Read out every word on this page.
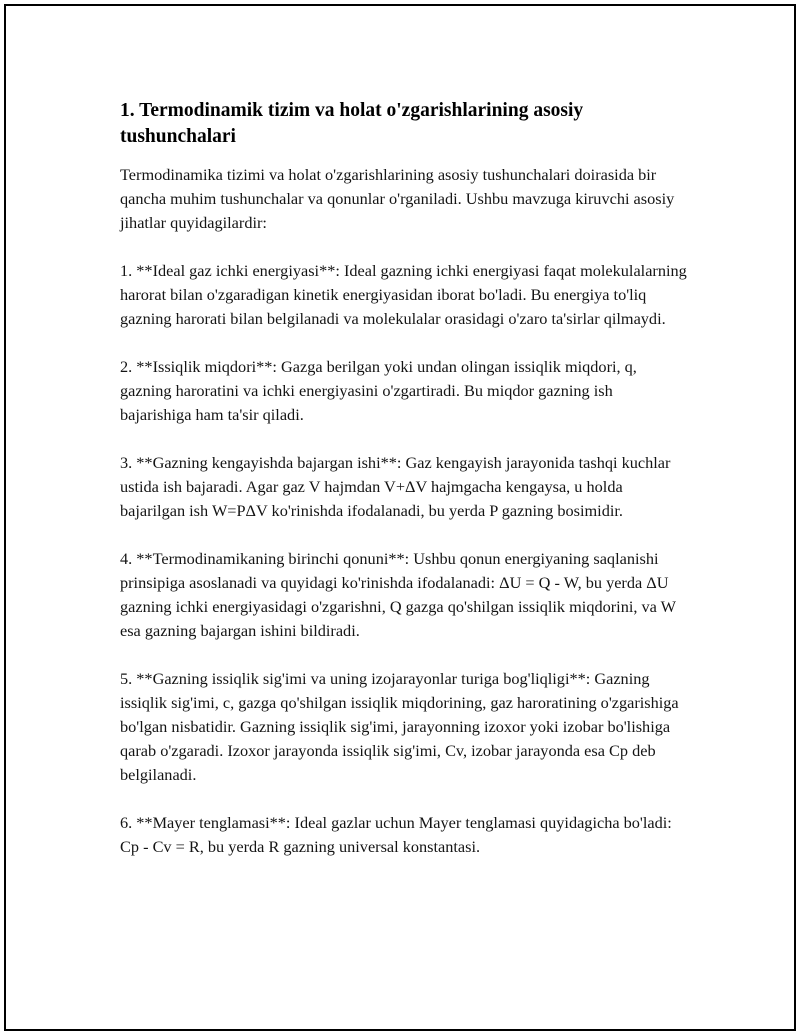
1. Termodinamik tizim va holat o'zgarishlarining asosiy tushunchalari

Termodinamika tizimi va holat o'zgarishlarining asosiy tushunchalari doirasida bir qancha muhim tushunchalar va qonunlar o'rganiladi. Ushbu mavzuga kiruvchi asosiy jihatlar quyidagilardir:

1. **Ideal gaz ichki energiyasi**: Ideal gazning ichki energiyasi faqat molekulalarning harorat bilan o'zgaradigan kinetik energiyasidan iborat bo'ladi. Bu energiya to'liq gazning harorati bilan belgilanadi va molekulalar orasidagi o'zaro ta'sirlar qilmaydi.

2. **Issiqlik miqdori**: Gazga berilgan yoki undan olingan issiqlik miqdori, q, gazning haroratini va ichki energiyasini o'zgartiradi. Bu miqdor gazning ish bajarishiga ham ta'sir qiladi.

3. **Gazning kengayishda bajargan ishi**: Gaz kengayish jarayonida tashqi kuchlar ustida ish bajaradi. Agar gaz V hajmdan V+ΔV hajmgacha kengaysa, u holda bajarilgan ish W=PΔV ko'rinishda ifodalanadi, bu yerda P gazning bosimidir.

4. **Termodinamikaning birinchi qonuni**: Ushbu qonun energiyaning saqlanishi prinsipiga asoslanadi va quyidagi ko'rinishda ifodalanadi: ΔU = Q - W, bu yerda ΔU gazning ichki energiyasidagi o'zgarishni, Q gazga qo'shilgan issiqlik miqdorini, va W esa gazning bajargan ishini bildiradi.

5. **Gazning issiqlik sig'imi va uning izojarayonlar turiga bog'liqligi**: Gazning issiqlik sig'imi, c, gazga qo'shilgan issiqlik miqdorining, gaz haroratining o'zgarishiga bo'lgan nisbatidir. Gazning issiqlik sig'imi, jarayonning izoxor yoki izobar bo'lishiga qarab o'zgaradi. Izoxor jarayonda issiqlik sig'imi, Cv, izobar jarayonda esa Cp deb belgilanadi.

6. **Mayer tenglamasi**: Ideal gazlar uchun Mayer tenglamasi quyidagicha bo'ladi: Cp - Cv = R, bu yerda R gazning universal konstantasi.
